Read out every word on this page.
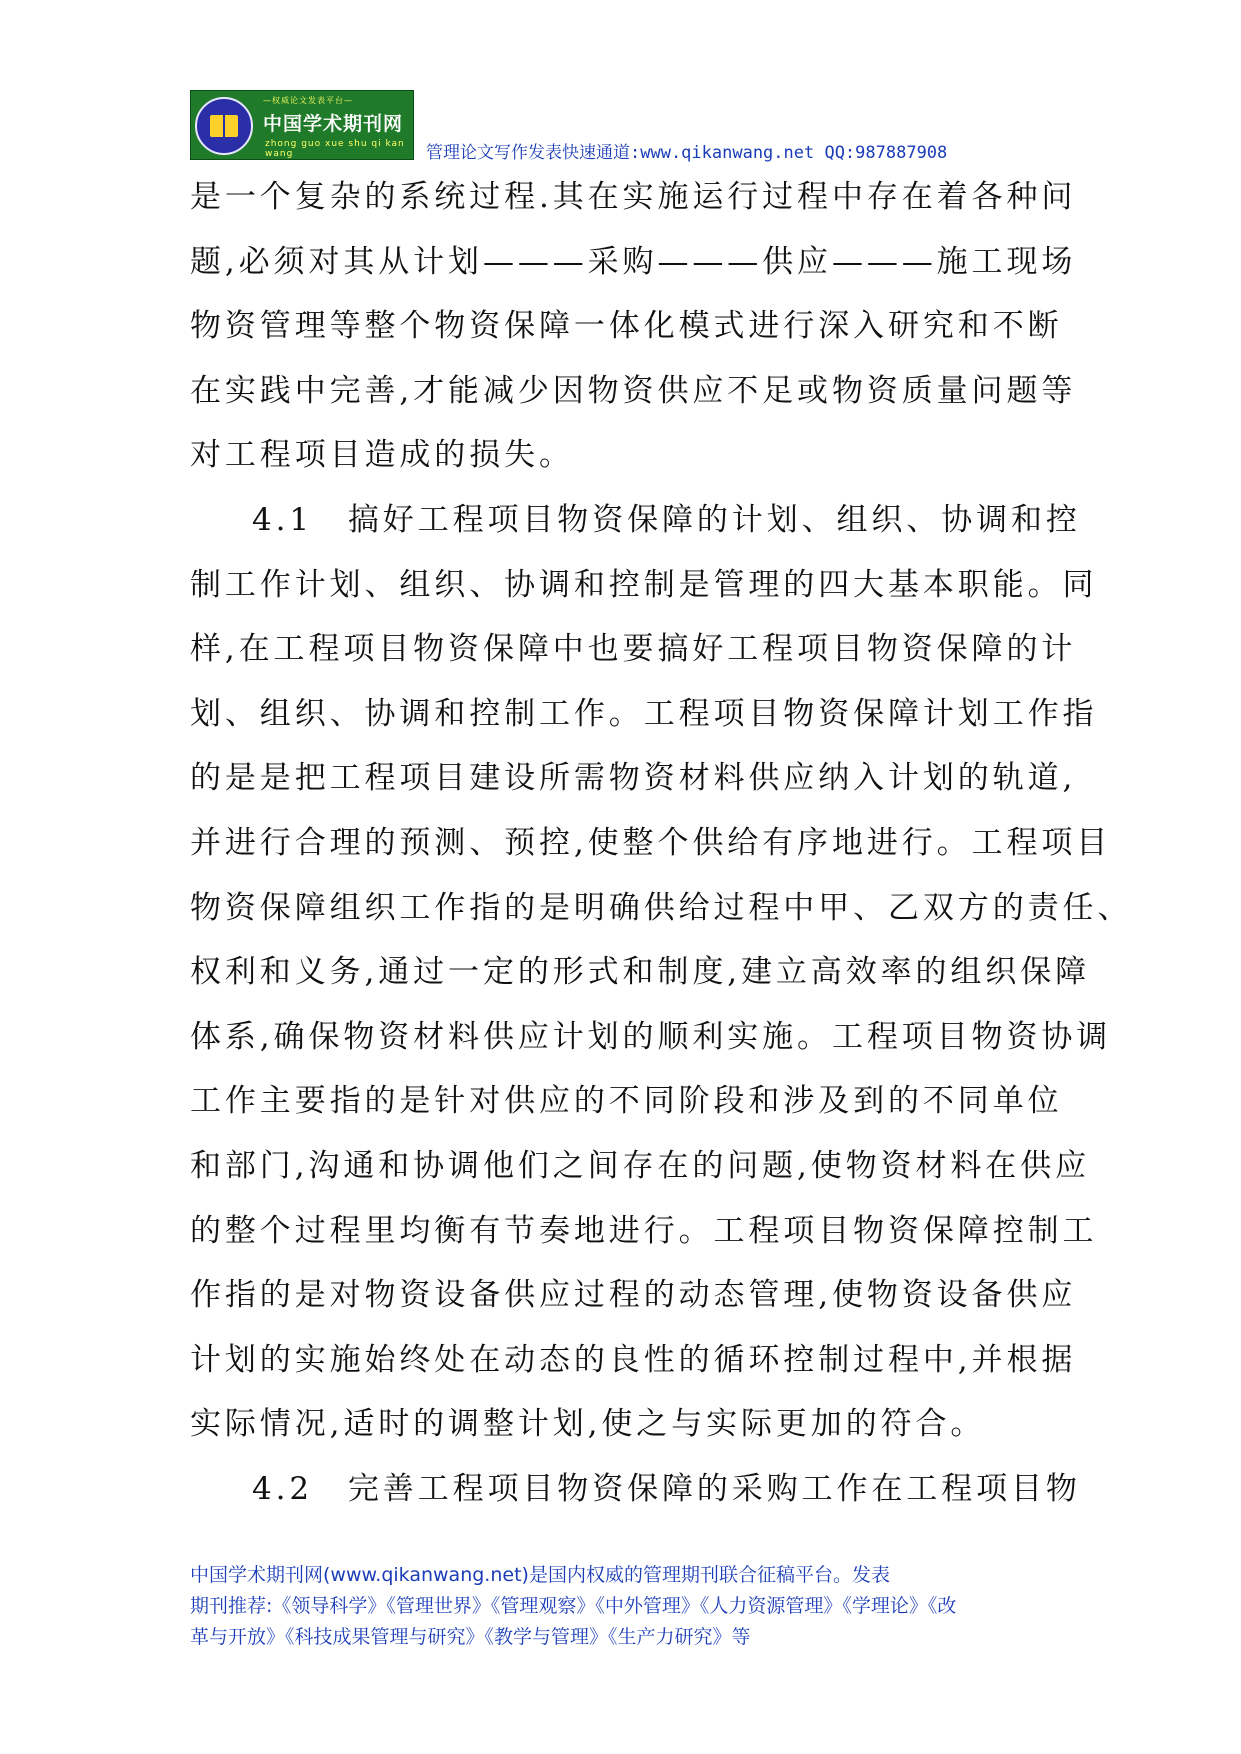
—权威论文发表平台—
中国学术期刊网
zhong guo xue shu qi kan wang	管理论文写作发表快速通道:www.qikanwang.net QQ:987887908
是一个复杂的系统过程.其在实施运行过程中存在着各种问
题,必须对其从计划———采购———供应———施工现场
物资管理等整个物资保障一体化模式进行深入研究和不断
在实践中完善,才能减少因物资供应不足或物资质量问题等
对工程项目造成的损失。
4.1　搞好工程项目物资保障的计划、组织、协调和控
制工作计划、组织、协调和控制是管理的四大基本职能。同
样,在工程项目物资保障中也要搞好工程项目物资保障的计
划、组织、协调和控制工作。工程项目物资保障计划工作指
的是是把工程项目建设所需物资材料供应纳入计划的轨道,
并进行合理的预测、预控,使整个供给有序地进行。工程项目
物资保障组织工作指的是明确供给过程中甲、乙双方的责任、
权利和义务,通过一定的形式和制度,建立高效率的组织保障
体系,确保物资材料供应计划的顺利实施。工程项目物资协调
工作主要指的是针对供应的不同阶段和涉及到的不同单位
和部门,沟通和协调他们之间存在的问题,使物资材料在供应
的整个过程里均衡有节奏地进行。工程项目物资保障控制工
作指的是对物资设备供应过程的动态管理,使物资设备供应
计划的实施始终处在动态的良性的循环控制过程中,并根据
实际情况,适时的调整计划,使之与实际更加的符合。
4.2　完善工程项目物资保障的采购工作在工程项目物
中国学术期刊网(www.qikanwang.net)是国内权威的管理期刊联合征稿平台。发表
期刊推荐:《领导科学》《管理世界》《管理观察》《中外管理》《人力资源管理》《学理论》《改
革与开放》《科技成果管理与研究》《教学与管理》《生产力研究》等
